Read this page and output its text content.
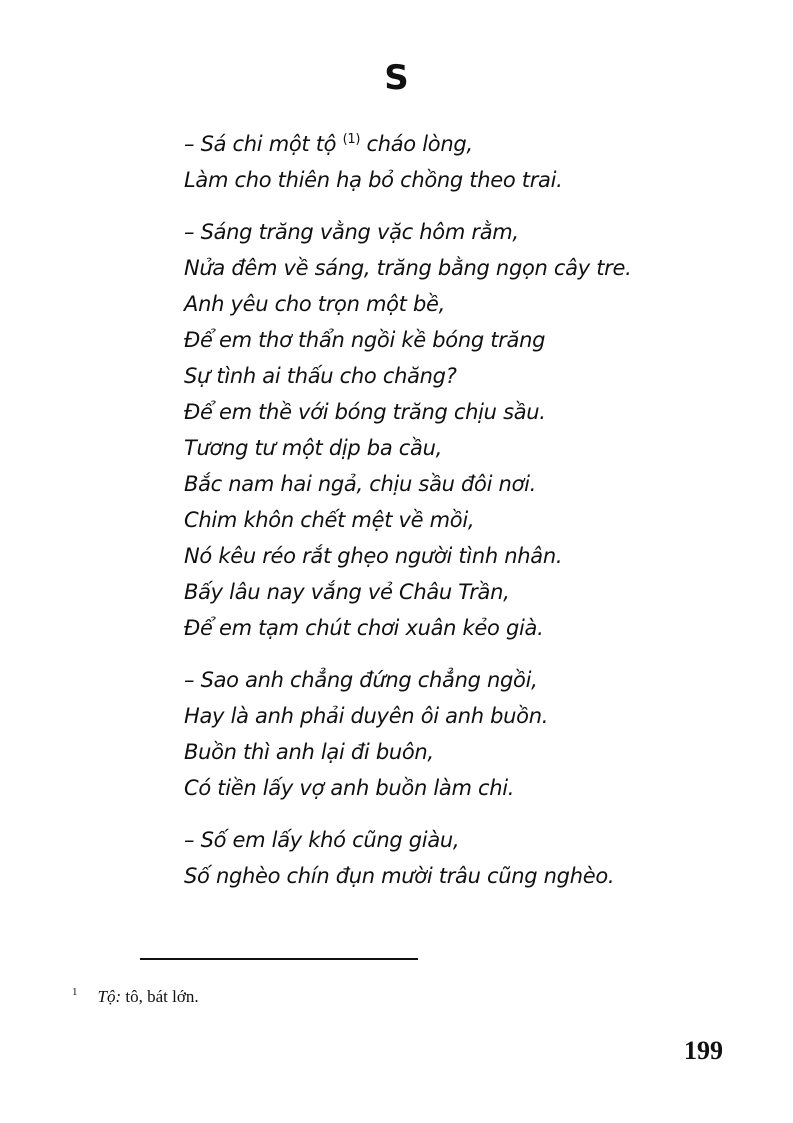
S
– Sá chi một tộ $^{(1)}$ cháo lòng,
Làm cho thiên hạ bỏ chồng theo trai.
– Sáng trăng vằng vặc hôm rằm,
Nửa đêm về sáng, trăng bằng ngọn cây tre.
Anh yêu cho trọn một bề,
Để em thơ thẩn ngồi kề bóng trăng
Sự tình ai thấu cho chăng?
Để em thề với bóng trăng chịu sầu.
Tương tư một dịp ba cầu,
Bắc nam hai ngả, chịu sầu đôi nơi.
Chim khôn chết mệt về mồi,
Nó kêu réo rắt ghẹo người tình nhân.
Bấy lâu nay vắng vẻ Châu Trần,
Để em tạm chút chơi xuân kẻo già.
– Sao anh chẳng đứng chẳng ngồi,
Hay là anh phải duyên ôi anh buồn.
Buồn thì anh lại đi buôn,
Có tiền lấy vợ anh buồn làm chi.
– Số em lấy khó cũng giàu,
Số nghèo chín đụn mười trâu cũng nghèo.
$^1$ Tộ: tô, bát lớn.
199
